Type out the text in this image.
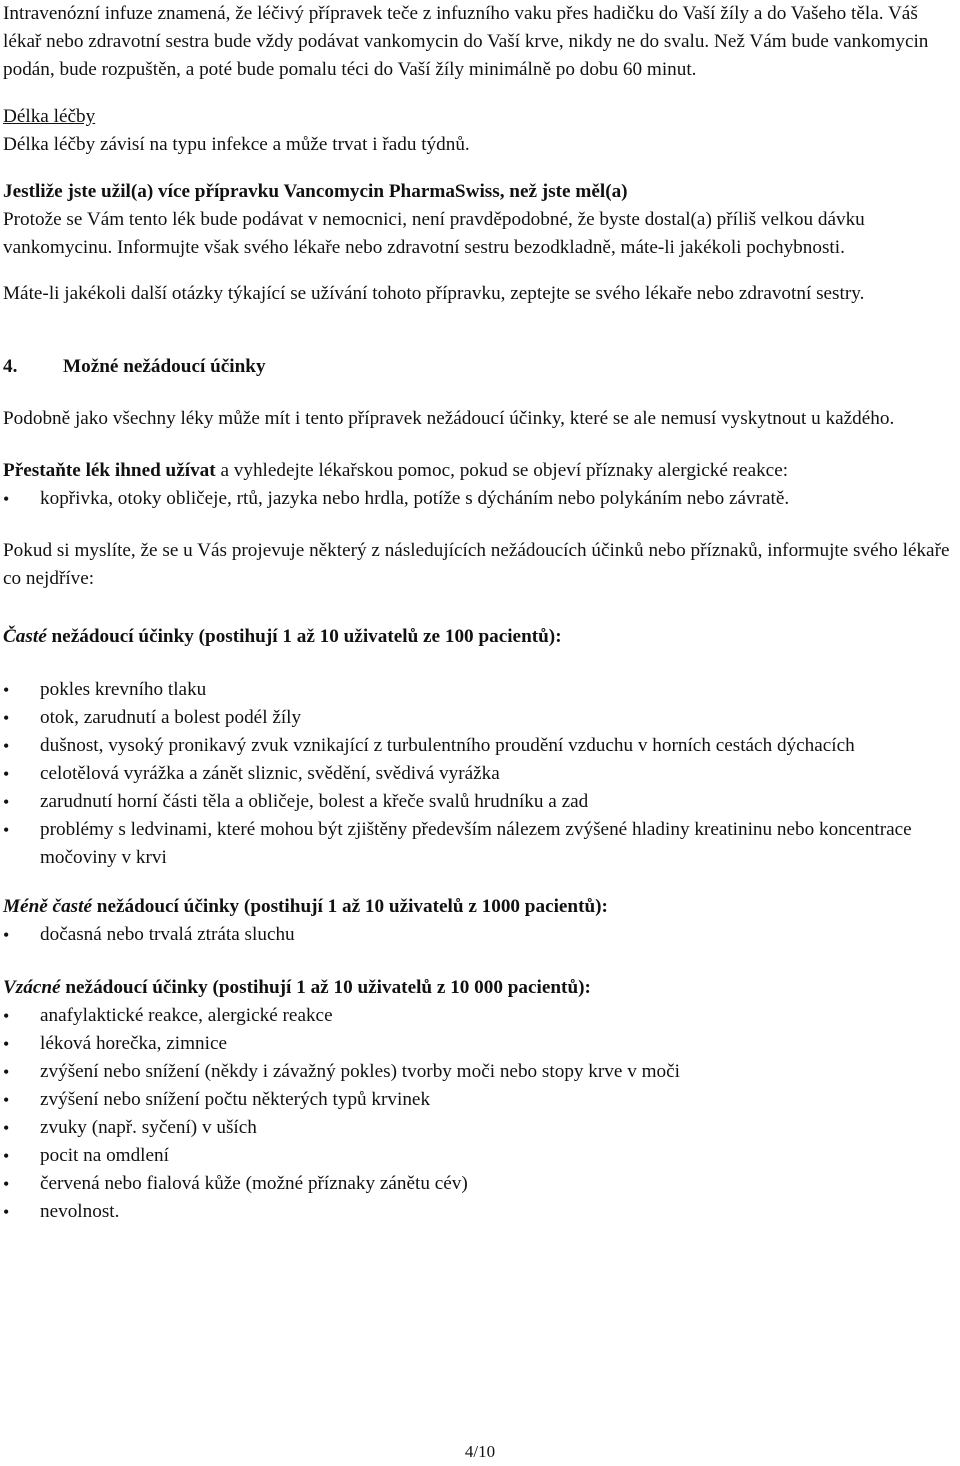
Intravenózní infuze znamená, že léčivý přípravek teče z infuzního vaku přes hadičku do Vaší žíly a do Vašeho těla. Váš lékař nebo zdravotní sestra bude vždy podávat vankomycin do Vaší krve, nikdy ne do svalu. Než Vám bude vankomycin podán, bude rozpuštěn, a poté bude pomalu téci do Vaší žíly minimálně po dobu 60 minut.

Délka léčby

Délka léčby závisí na typu infekce a může trvat i řadu týdnů.

Jestliže jste užil(a) více přípravku Vancomycin PharmaSwiss, než jste měl(a)

Protože se Vám tento lék bude podávat v nemocnici, není pravděpodobné, že byste dostal(a) příliš velkou dávku vankomycinu. Informujte však svého lékaře nebo zdravotní sestru bezodkladně, máte-li jakékoli pochybnosti.

Máte-li jakékoli další otázky týkající se užívání tohoto přípravku, zeptejte se svého lékaře nebo zdravotní sestry.

4. Možné nežádoucí účinky

Podobně jako všechny léky může mít i tento přípravek nežádoucí účinky, které se ale nemusí vyskytnout u každého.

Přestaňte lék ihned užívat a vyhledejte lékařskou pomoc, pokud se objeví příznaky alergické reakce:

• kopřivka, otoky obličeje, rtů, jazyka nebo hrdla, potíže s dýcháním nebo polykáním nebo závratě.

Pokud si myslíte, že se u Vás projevuje některý z následujících nežádoucích účinků nebo příznaků, informujte svého lékaře co nejdříve:

Časté nežádoucí účinky (postihují 1 až 10 uživatelů ze 100 pacientů):

• pokles krevního tlaku
• otok, zarudnutí a bolest podél žíly
• dušnost, vysoký pronikavý zvuk vznikající z turbulentního proudění vzduchu v horních cestách dýchacích
• celotělová vyrážka a zánět sliznic, svědění, svědivá vyrážka
• zarudnutí horní části těla a obličeje, bolest a křeče svalů hrudníku a zad
• problémy s ledvinami, které mohou být zjištěny především nálezem zvýšené hladiny kreatininu nebo koncentrace močoviny v krvi

Méně časté nežádoucí účinky (postihují 1 až 10 uživatelů z 1000 pacientů):

• dočasná nebo trvalá ztráta sluchu

Vzácné nežádoucí účinky (postihují 1 až 10 uživatelů z 10 000 pacientů):

• anafylaktické reakce, alergické reakce
• léková horečka, zimnice
• zvýšení nebo snížení (někdy i závažný pokles) tvorby moči nebo stopy krve v moči
• zvýšení nebo snížení počtu některých typů krvinek
• zvuky (např. syčení) v uších
• pocit na omdlení
• červená nebo fialová kůže (možné příznaky zánětu cév)
• nevolnost.
4/10
